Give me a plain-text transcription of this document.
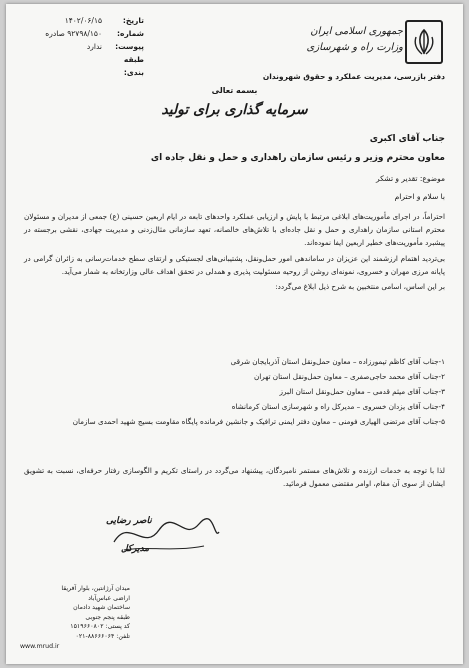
جمهوری اسلامی ایران
وزارت راه و شهرسازی
دفتر بازرسی، مدیریت عملکرد و حقوق شهروندان
تاریخ:
۱۴۰۲/۰۶/۱۵
شماره:
۹۲۷۹۸/۱۵۰ صادره
پیوست:
ندارد
طبقه بندی:
بسمه تعالی
سرمایه گذاری برای تولید
جناب آقای اکبری
معاون محترم وزیر و رئیس سازمان راهداری و حمل و نقل جاده ای
موضوع: تقدیر و تشکر
با سلام و احترام

احتراماً، در اجرای مأموریت‌های ابلاغی مرتبط با پایش و ارزیابی عملکرد واحدهای تابعه در ایام اربعین حسینی (ع) جمعی از مدیران و مسئولان محترم استانی سازمان راهداری و حمل و نقل جاده‌ای با تلاش‌های خالصانه، تعهد سازمانی مثال‌زدنی و مدیریت جهادی، نقشی برجسته در پیشبرد مأموریت‌های خطیر اربعین ایفا نموده‌اند.

بی‌تردید اهتمام ارزشمند این عزیزان در ساماندهی امور حمل‌ونقل، پشتیبانی‌های لجستیکی و ارتقای سطح خدمات‌رسانی به زائران گرامی در پایانه مرزی مهران و خسروی، نمونه‌ای روشن از روحیه مسئولیت پذیری و همدلی در تحقق اهداف عالی وزارتخانه به شمار می‌آید.

بر این اساس، اسامی منتخبین به شرح ذیل ابلاغ می‌گردد:

۱-جناب آقای کاظم تیمورزاده – معاون حمل‌ونقل استان آذربایجان شرقی
۲-جناب آقای محمد حاجی‌صفری – معاون حمل‌ونقل استان تهران
۳-جناب آقای میثم قدمی – معاون حمل‌ونقل استان البرز
۴-جناب آقای یزدان خسروی – مدیرکل راه و شهرسازی استان کرمانشاه
۵-جناب آقای مرتضی الهیاری فومنی – معاون دفتر ایمنی ترافیک و جانشین فرمانده پایگاه مقاومت بسیج شهید احمدی ساز‌مان
لذا با توجه به خدمات ارزنده و تلاش‌های مستمر نامبردگان، پیشنهاد می‌گردد در راستای تکریم و الگوسازی رفتار حرفه‌ای، نسبت به تشویق ایشان از سوی آن مقام، اوامر مقتضی معمول فرمائید.
ناصر رضایی
مدیرکل
میدان آرژانتین، بلوار آفریقا
اراضی عباس‌آباد
ساختمان شهید دادمان
طبقه پنجم جنوبی
کد پستی: ۱۵۱۹۶۶۰۸۰۲
تلفن: ۸۸۶۶۶۰۶۴-۰۲۱
www.mrud.ir
